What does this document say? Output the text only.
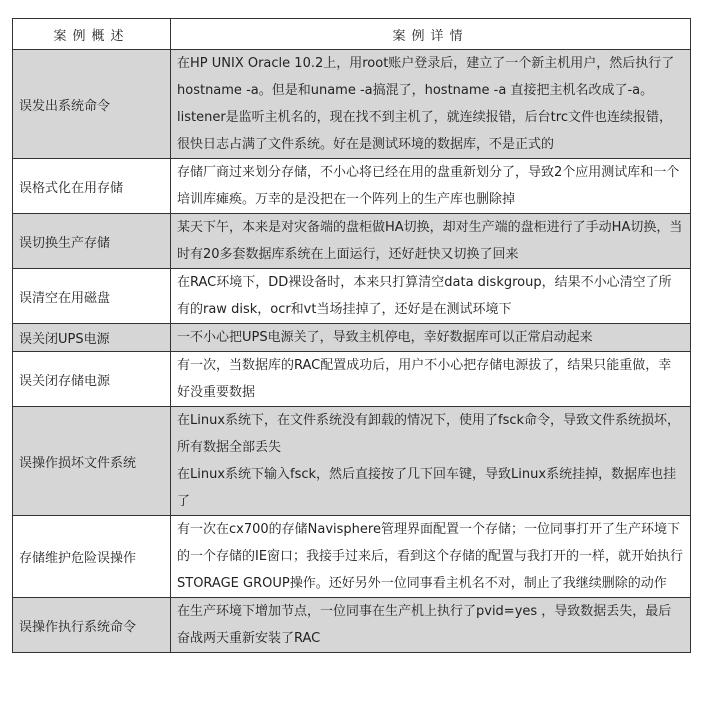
案例概述	案例详情
误发出系统命令	在HP UNIX Oracle 10.2上，用root账户登录后，建立了一个新主机用户，然后执行了hostname -a。但是和uname -a搞混了，hostname -a 直接把主机名改成了-a。
listener是监听主机名的，现在找不到主机了，就连续报错，后台trc文件也连续报错，很快日志占满了文件系统。好在是测试环境的数据库，不是正式的

误格式化在用存储	存储厂商过来划分存储，不小心将已经在用的盘重新划分了，导致2个应用测试库和一个培训库瘫痪。万幸的是没把在一个阵列上的生产库也删除掉

误切换生产存储	某天下午，本来是对灾备端的盘柜做HA切换，却对生产端的盘柜进行了手动HA切换，当时有20多套数据库系统在上面运行，还好赶快又切换了回来

误清空在用磁盘	在RAC环境下，DD裸设备时，本来只打算清空data diskgroup，结果不小心清空了所有的raw disk，ocr和vt当场挂掉了，还好是在测试环境下

误关闭UPS电源	一不小心把UPS电源关了，导致主机停电，幸好数据库可以正常启动起来

误关闭存储电源	有一次，当数据库的RAC配置成功后，用户不小心把存储电源拔了，结果只能重做，幸好没重要数据

误操作损坏文件系统	在Linux系统下，在文件系统没有卸载的情况下，使用了fsck命令，导致文件系统损坏，所有数据全部丢失
在Linux系统下输入fsck，然后直接按了几下回车键，导致Linux系统挂掉，数据库也挂了

存储维护危险误操作	有一次在cx700的存储Navisphere管理界面配置一个存储；一位同事打开了生产环境下的一个存储的IE窗口；我接手过来后，看到这个存储的配置与我打开的一样，就开始执行STORAGE GROUP操作。还好另外一位同事看主机名不对，制止了我继续删除的动作

误操作执行系统命令	在生产环境下增加节点，一位同事在生产机上执行了pvid=yes ，导致数据丢失，最后奋战两天重新安装了RAC
